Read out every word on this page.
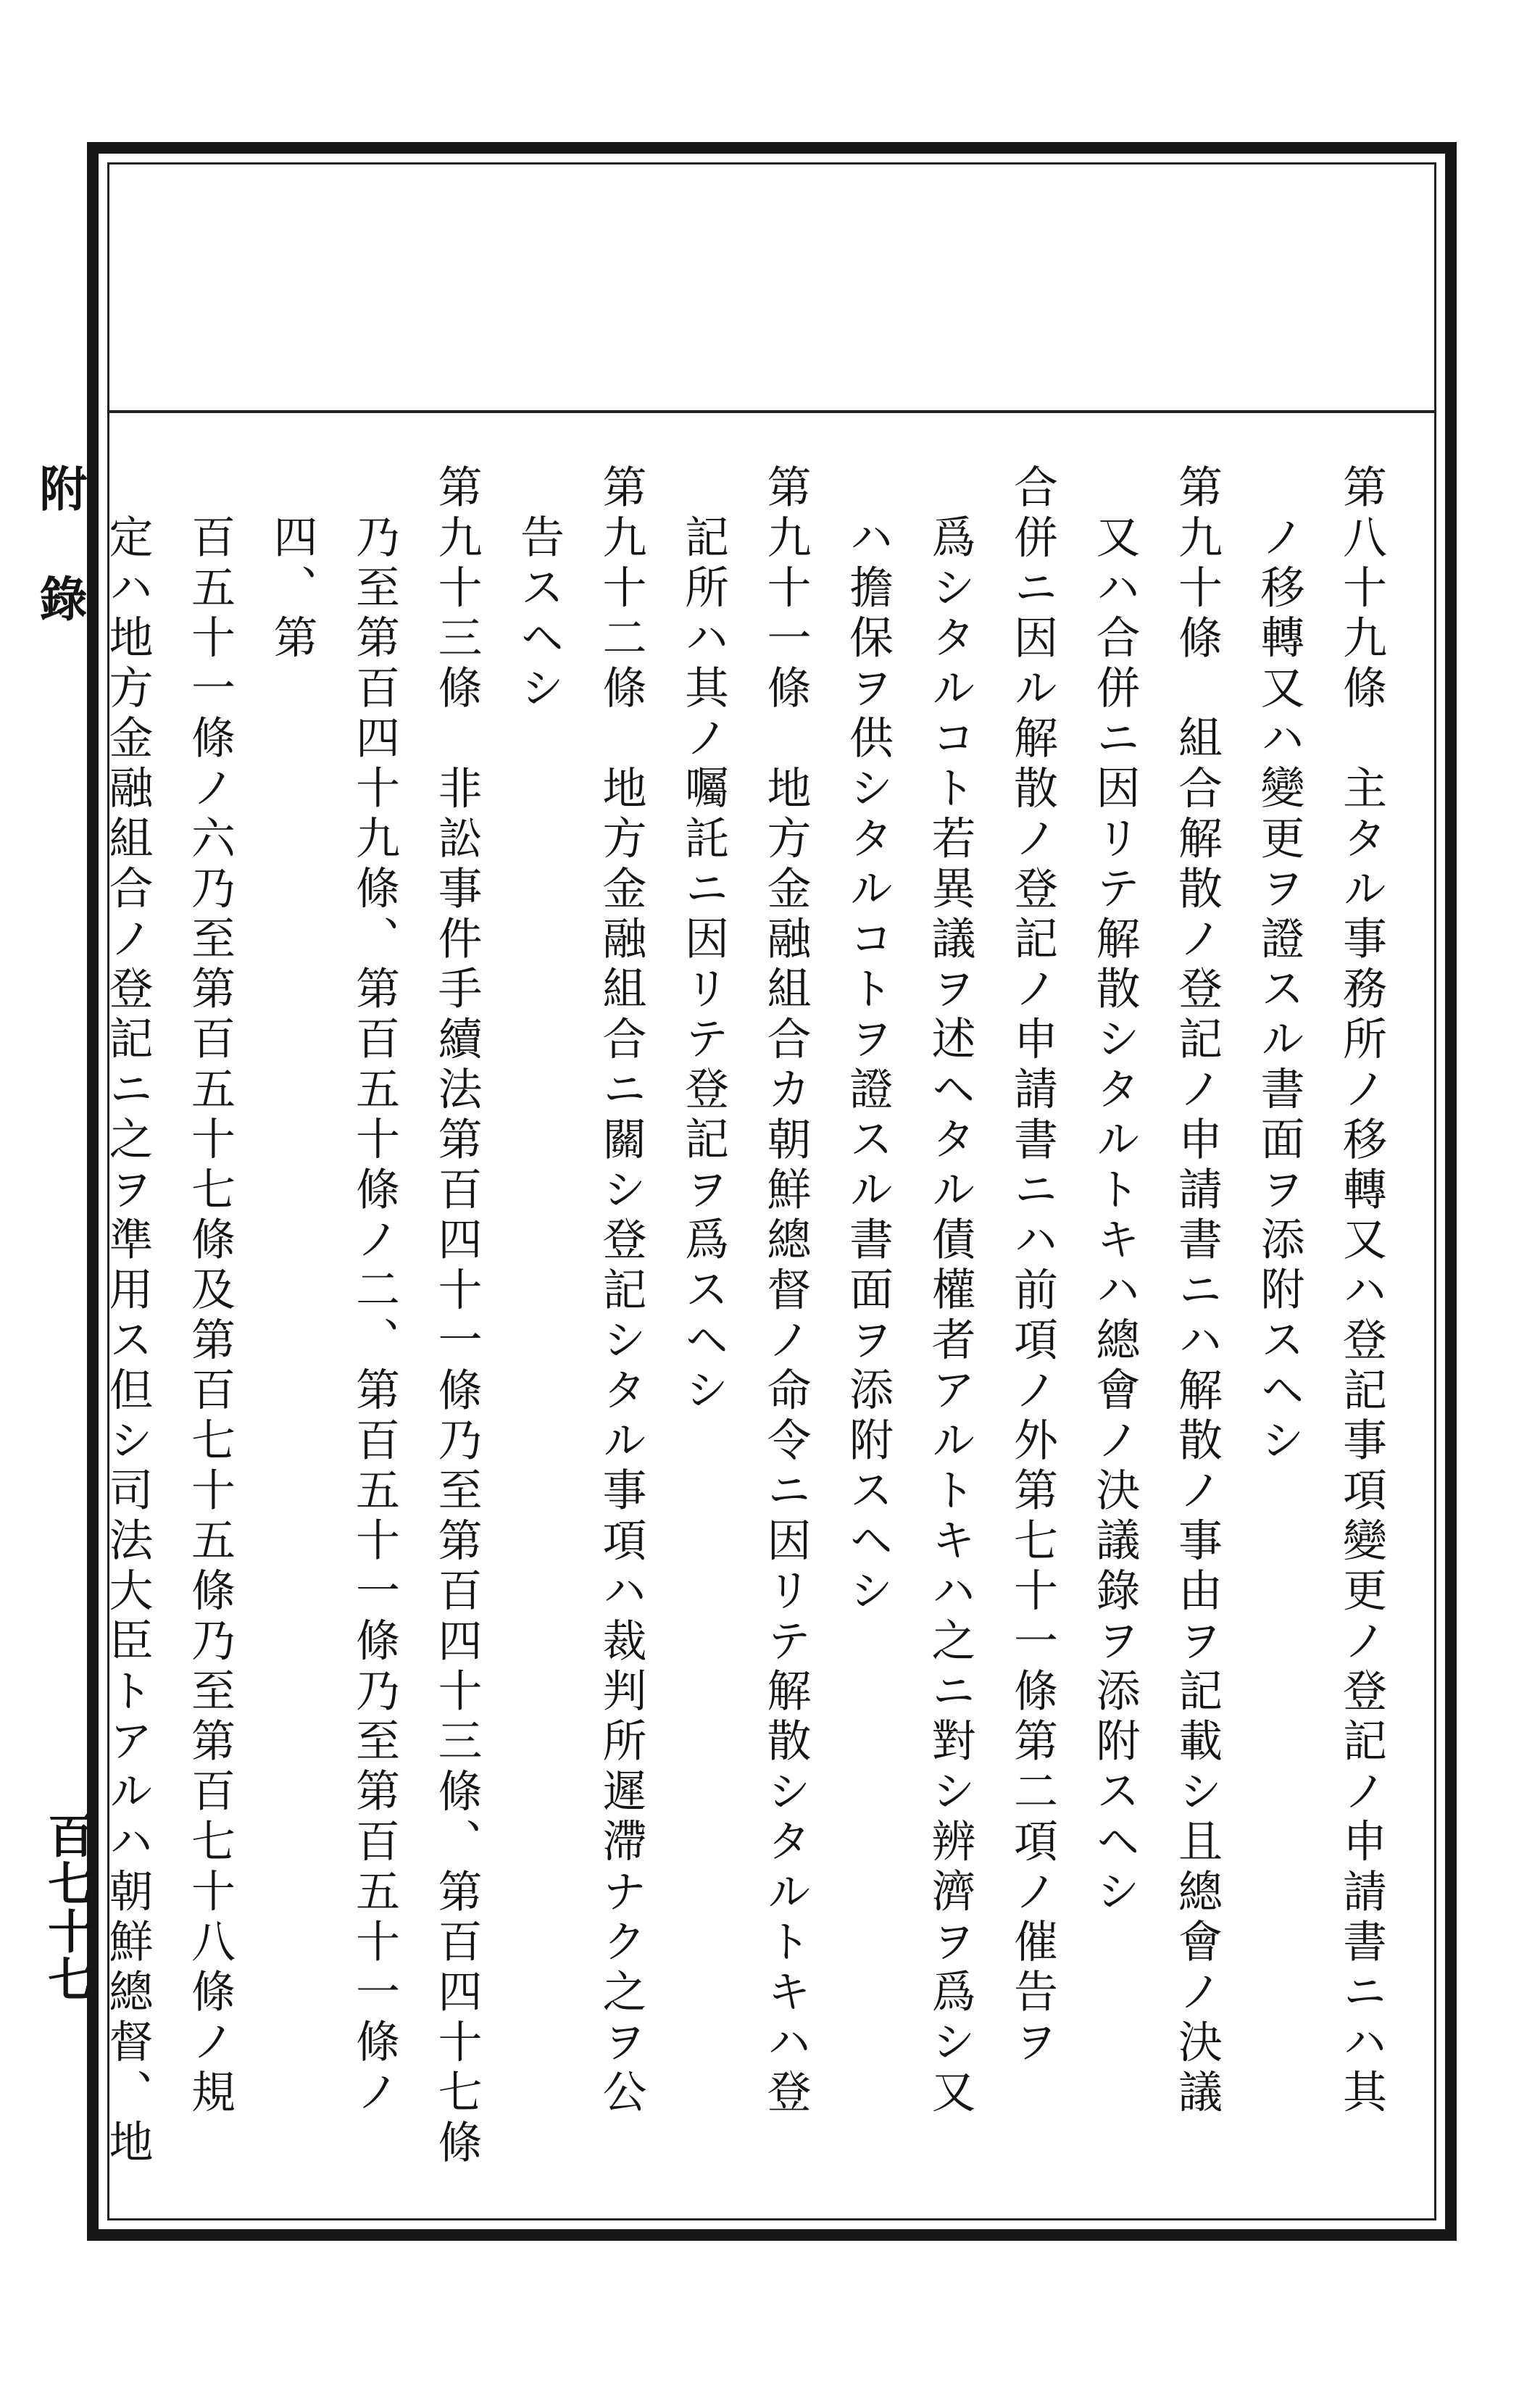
附錄
百七十七	第八十九條　主タル事務所ノ移轉又ハ登記事項變更ノ登記ノ申請書ニハ其

ノ移轉又ハ變更ヲ證スル書面ヲ添附スヘシ

第九十條　組合解散ノ登記ノ申請書ニハ解散ノ事由ヲ記載シ且總會ノ決議

又ハ合併ニ因リテ解散シタルトキハ總會ノ決議錄ヲ添附スヘシ

合併ニ因ル解散ノ登記ノ申請書ニハ前項ノ外第七十一條第二項ノ催告ヲ

爲シタルコト若異議ヲ述ヘタル債權者アルトキハ之ニ對シ辨濟ヲ爲シ又

ハ擔保ヲ供シタルコトヲ證スル書面ヲ添附スヘシ

第九十一條　地方金融組合カ朝鮮總督ノ命令ニ因リテ解散シタルトキハ登

記所ハ其ノ囑託ニ因リテ登記ヲ爲スヘシ

第九十二條　地方金融組合ニ關シ登記シタル事項ハ裁判所遲滯ナク之ヲ公

告スヘシ

第九十三條　非訟事件手續法第百四十一條乃至第百四十三條、第百四十七條

乃至第百四十九條、第百五十條ノ二、第百五十一條乃至第百五十一條ノ四、第

百五十一條ノ六乃至第百五十七條及第百七十五條乃至第百七十八條ノ規

定ハ地方金融組合ノ登記ニ之ヲ準用ス但シ司法大臣トアルハ朝鮮總督、地
